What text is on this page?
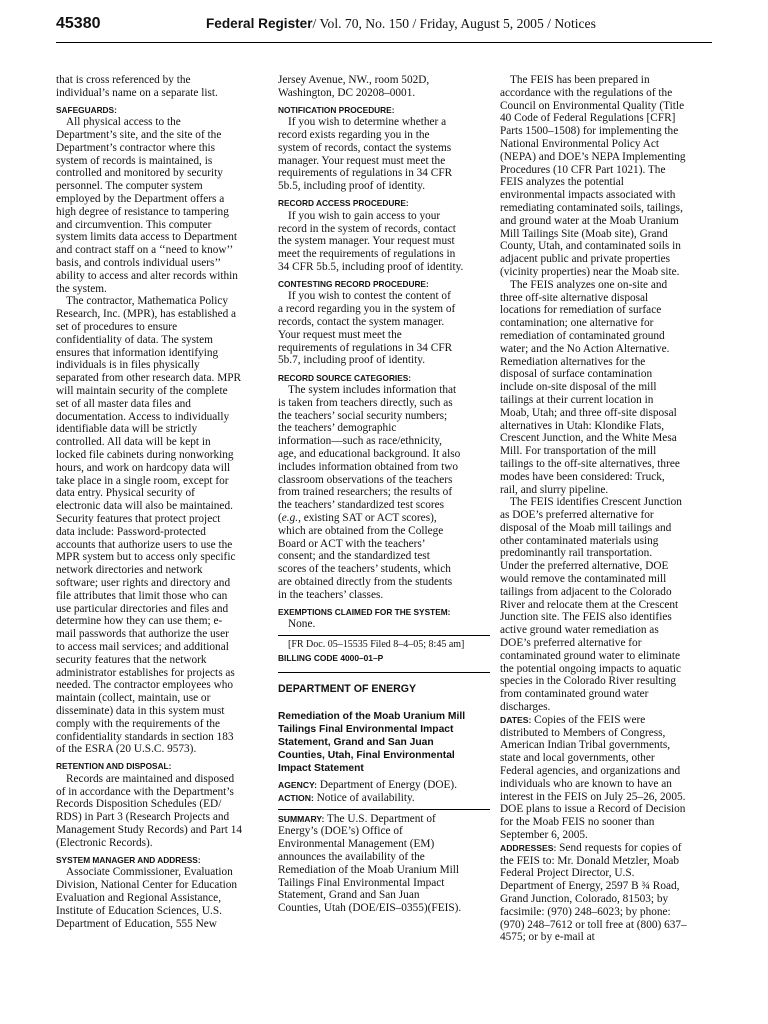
45380	Federal Register/ Vol. 70, No. 150 / Friday, August 5, 2005 / Notices
that is cross referenced by the
individual’s name on a separate list.
SAFEGUARDS:
All physical access to the
Department’s site, and the site of the
Department’s contractor where this
system of records is maintained, is
controlled and monitored by security
personnel. The computer system
employed by the Department offers a
high degree of resistance to tampering
and circumvention. This computer
system limits data access to Department
and contract staff on a ‘‘need to know’’
basis, and controls individual users’’
ability to access and alter records within
the system.
The contractor, Mathematica Policy
Research, Inc. (MPR), has established a
set of procedures to ensure
confidentiality of data. The system
ensures that information identifying
individuals is in files physically
separated from other research data. MPR
will maintain security of the complete
set of all master data files and
documentation. Access to individually
identifiable data will be strictly
controlled. All data will be kept in
locked file cabinets during nonworking
hours, and work on hardcopy data will
take place in a single room, except for
data entry. Physical security of
electronic data will also be maintained.
Security features that protect project
data include: Password-protected
accounts that authorize users to use the
MPR system but to access only specific
network directories and network
software; user rights and directory and
file attributes that limit those who can
use particular directories and files and
determine how they can use them; e-
mail passwords that authorize the user
to access mail services; and additional
security features that the network
administrator establishes for projects as
needed. The contractor employees who
maintain (collect, maintain, use or
disseminate) data in this system must
comply with the requirements of the
confidentiality standards in section 183
of the ESRA (20 U.S.C. 9573).
RETENTION AND DISPOSAL:
Records are maintained and disposed
of in accordance with the Department’s
Records Disposition Schedules (ED/
RDS) in Part 3 (Research Projects and
Management Study Records) and Part 14
(Electronic Records).
SYSTEM MANAGER AND ADDRESS:
Associate Commissioner, Evaluation
Division, National Center for Education
Evaluation and Regional Assistance,
Institute of Education Sciences, U.S.
Department of Education, 555 New
Jersey Avenue, NW., room 502D,
Washington, DC 20208–0001.
NOTIFICATION PROCEDURE:
If you wish to determine whether a
record exists regarding you in the
system of records, contact the systems
manager. Your request must meet the
requirements of regulations in 34 CFR
5b.5, including proof of identity.
RECORD ACCESS PROCEDURE:
If you wish to gain access to your
record in the system of records, contact
the system manager. Your request must
meet the requirements of regulations in
34 CFR 5b.5, including proof of identity.
CONTESTING RECORD PROCEDURE:
If you wish to contest the content of
a record regarding you in the system of
records, contact the system manager.
Your request must meet the
requirements of regulations in 34 CFR
5b.7, including proof of identity.
RECORD SOURCE CATEGORIES:
The system includes information that
is taken from teachers directly, such as
the teachers’ social security numbers;
the teachers’ demographic
information—such as race/ethnicity,
age, and educational background. It also
includes information obtained from two
classroom observations of the teachers
from trained researchers; the results of
the teachers’ standardized test scores
(e.g., existing SAT or ACT scores),
which are obtained from the College
Board or ACT with the teachers’
consent; and the standardized test
scores of the teachers’ students, which
are obtained directly from the students
in the teachers’ classes.
EXEMPTIONS CLAIMED FOR THE SYSTEM:
None.
[FR Doc. 05–15535 Filed 8–4–05; 8:45 am]
BILLING CODE 4000–01–P
DEPARTMENT OF ENERGY
Remediation of the Moab Uranium Mill
Tailings Final Environmental Impact
Statement, Grand and San Juan
Counties, Utah, Final Environmental
Impact Statement
AGENCY: Department of Energy (DOE).
ACTION: Notice of availability.
SUMMARY: The U.S. Department of
Energy’s (DOE’s) Office of
Environmental Management (EM)
announces the availability of the
Remediation of the Moab Uranium Mill
Tailings Final Environmental Impact
Statement, Grand and San Juan
Counties, Utah (DOE/EIS–0355)(FEIS).
The FEIS has been prepared in
accordance with the regulations of the
Council on Environmental Quality (Title
40 Code of Federal Regulations [CFR]
Parts 1500–1508) for implementing the
National Environmental Policy Act
(NEPA) and DOE’s NEPA Implementing
Procedures (10 CFR Part 1021). The
FEIS analyzes the potential
environmental impacts associated with
remediating contaminated soils, tailings,
and ground water at the Moab Uranium
Mill Tailings Site (Moab site), Grand
County, Utah, and contaminated soils in
adjacent public and private properties
(vicinity properties) near the Moab site.
The FEIS analyzes one on-site and
three off-site alternative disposal
locations for remediation of surface
contamination; one alternative for
remediation of contaminated ground
water; and the No Action Alternative.
Remediation alternatives for the
disposal of surface contamination
include on-site disposal of the mill
tailings at their current location in
Moab, Utah; and three off-site disposal
alternatives in Utah: Klondike Flats,
Crescent Junction, and the White Mesa
Mill. For transportation of the mill
tailings to the off-site alternatives, three
modes have been considered: Truck,
rail, and slurry pipeline.
The FEIS identifies Crescent Junction
as DOE’s preferred alternative for
disposal of the Moab mill tailings and
other contaminated materials using
predominantly rail transportation.
Under the preferred alternative, DOE
would remove the contaminated mill
tailings from adjacent to the Colorado
River and relocate them at the Crescent
Junction site. The FEIS also identifies
active ground water remediation as
DOE’s preferred alternative for
contaminated ground water to eliminate
the potential ongoing impacts to aquatic
species in the Colorado River resulting
from contaminated ground water
discharges.
DATES: Copies of the FEIS were
distributed to Members of Congress,
American Indian Tribal governments,
state and local governments, other
Federal agencies, and organizations and
individuals who are known to have an
interest in the FEIS on July 25–26, 2005.
DOE plans to issue a Record of Decision
for the Moab FEIS no sooner than
September 6, 2005.
ADDRESSES: Send requests for copies of
the FEIS to: Mr. Donald Metzler, Moab
Federal Project Director, U.S.
Department of Energy, 2597 B ¾ Road,
Grand Junction, Colorado, 81503; by
facsimile: (970) 248–6023; by phone:
(970) 248–7612 or toll free at (800) 637–
4575; or by e-mail at
